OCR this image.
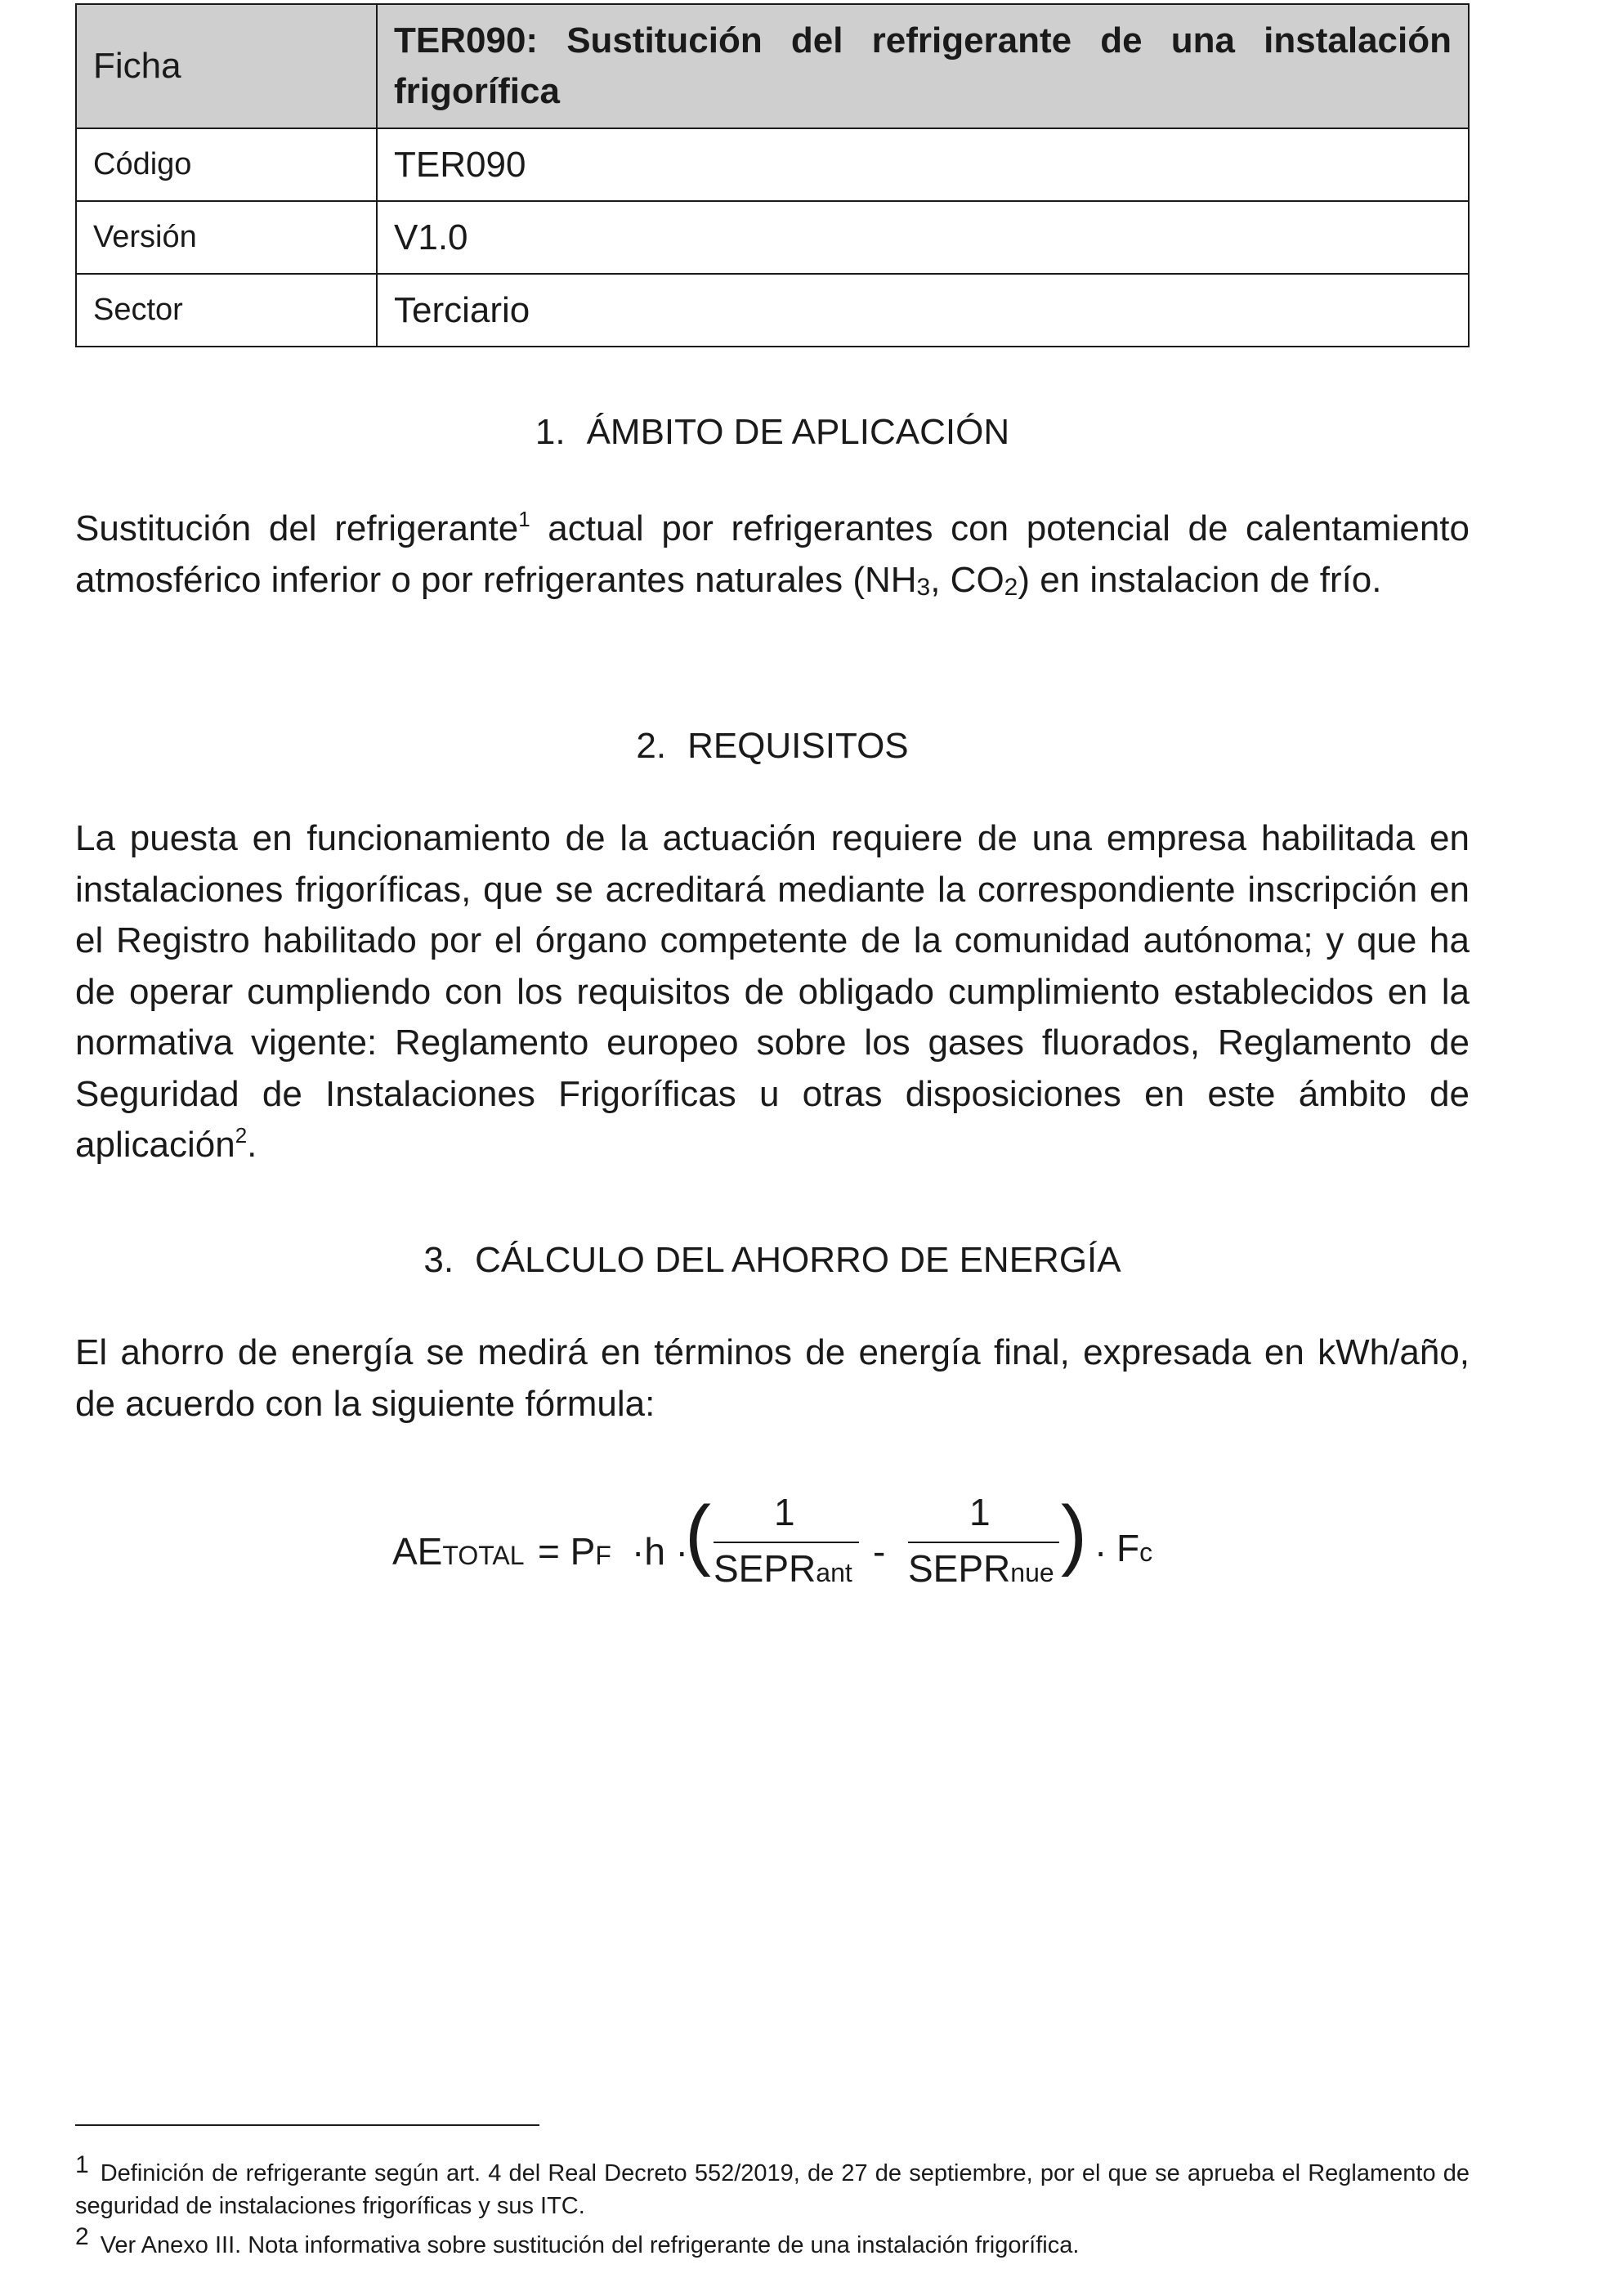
Ficha	TER090: Sustitución del refrigerante de una instalación frigorífica

Código	TER090
Versión	V1.0
Sector	Terciario
1. ÁMBITO DE APLICACIÓN

Sustitución del refrigerante$^1$ actual por refrigerantes con potencial de calentamiento atmosférico inferior o por refrigerantes naturales ($NH_3$, $CO_2$) en instalacion de frío.

2. REQUISITOS

La puesta en funcionamiento de la actuación requiere de una empresa habilitada en instalaciones frigoríficas, que se acreditará mediante la correspondiente inscripción en el Registro habilitado por el órgano competente de la comunidad autónoma; y que ha de operar cumpliendo con los requisitos de obligado cumplimiento establecidos en la normativa vigente: Reglamento europeo sobre los gases fluorados, Reglamento de Seguridad de Instalaciones Frigoríficas u otras disposiciones en este ámbito de aplicación$^2$.

3. CÁLCULO DEL AHORRO DE ENERGÍA

El ahorro de energía se medirá en términos de energía final, expresada en kWh/año, de acuerdo con la siguiente fórmula:

1 Definición de refrigerante según art. 4 del Real Decreto 552/2019, de 27 de septiembre, por el que se aprueba el Reglamento de seguridad de instalaciones frigoríficas y sus ITC.

2 Ver Anexo III. Nota informativa sobre sustitución del refrigerante de una instalación frigorífica.

AETOTAL = PF ·h ·
( 1
SEPRant -
1
SEPRnue ) · Fc
